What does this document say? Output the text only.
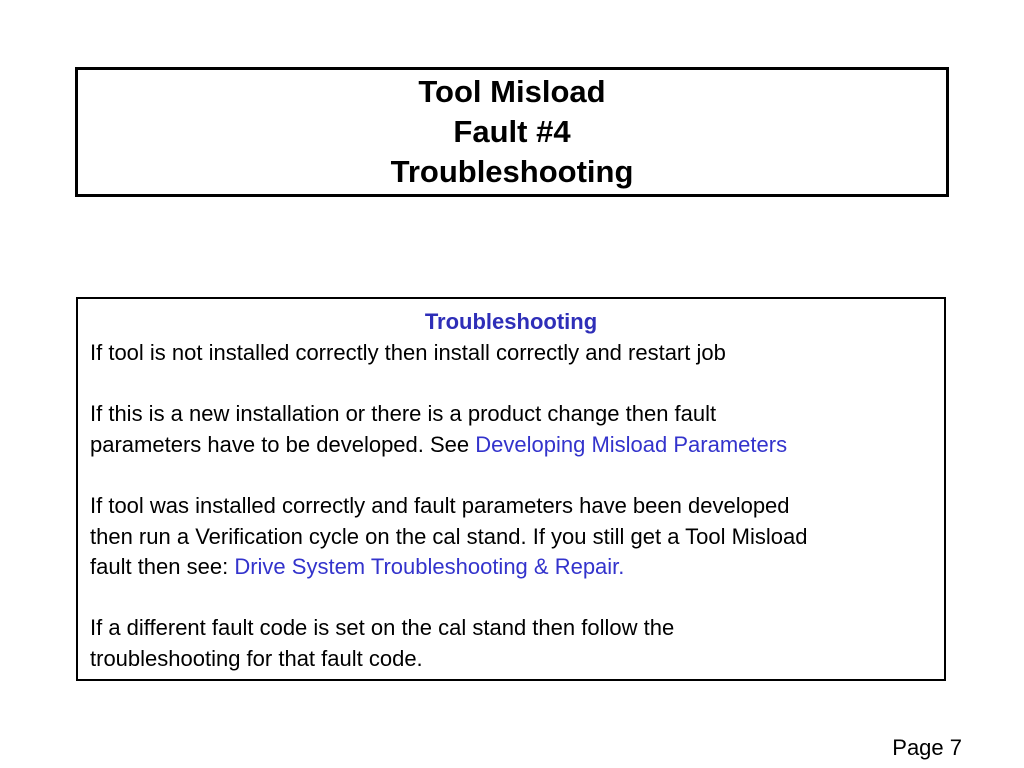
Tool Misload
Fault #4
Troubleshooting
Troubleshooting
If tool is not installed correctly then install correctly and restart job
If this is a new installation or there is a product change then fault
parameters have to be developed. See Developing Misload Parameters
If tool was installed correctly and fault parameters have been developed
then run a Verification cycle on the cal stand. If you still get a Tool Misload
fault then see: Drive System Troubleshooting & Repair.
If a different fault code is set on the cal stand then follow the
troubleshooting for that fault code.
Page 7
